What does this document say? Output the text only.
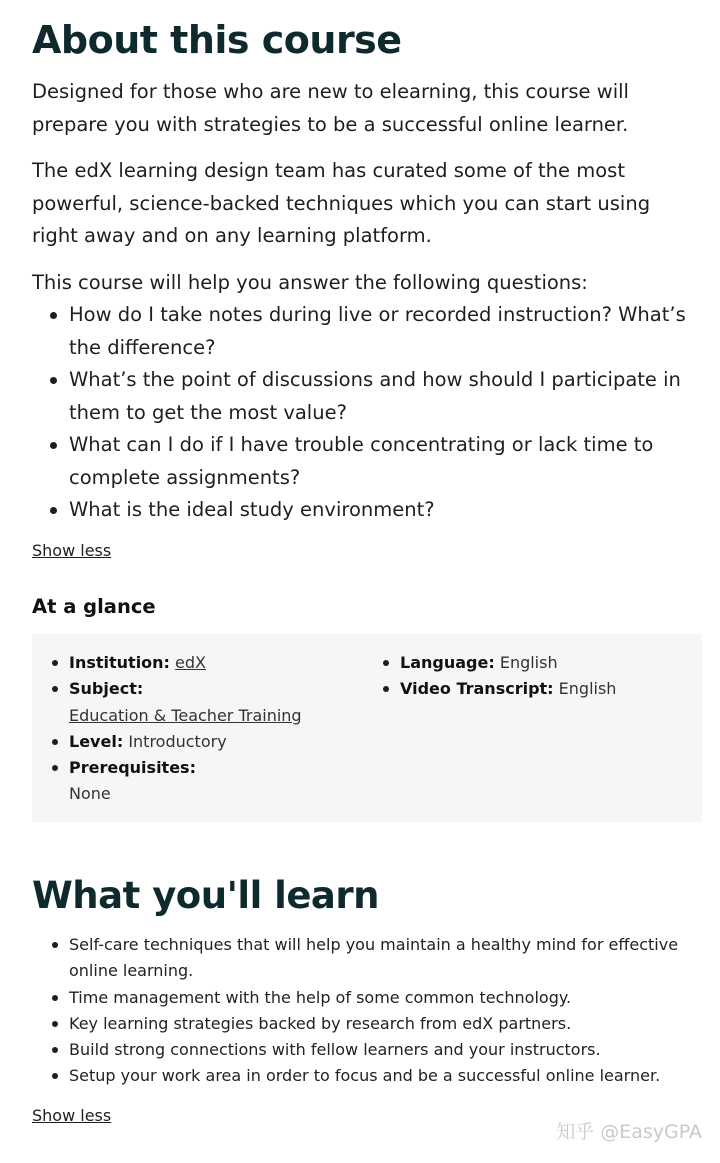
About this course

Designed for those who are new to elearning, this course will prepare you with strategies to be a successful online learner.

The edX learning design team has curated some of the most powerful, science-backed techniques which you can start using right away and on any learning platform.

This course will help you answer the following questions:

How do I take notes during live or recorded instruction? What’s the difference?
What’s the point of discussions and how should I participate in them to get the most value?
What can I do if I have trouble concentrating or lack time to complete assignments?
What is the ideal study environment?
Show less
At a glance
Institution: edX
Subject:
Education & Teacher Training
Level: Introductory
Prerequisites:
None
Language: English
Video Transcript: English
What you'll learn
Self-care techniques that will help you maintain a healthy mind for effective online learning.
Time management with the help of some common technology.
Key learning strategies backed by research from edX partners.
Build strong connections with fellow learners and your instructors.
Setup your work area in order to focus and be a successful online learner.
Show less
知乎 @EasyGPA
